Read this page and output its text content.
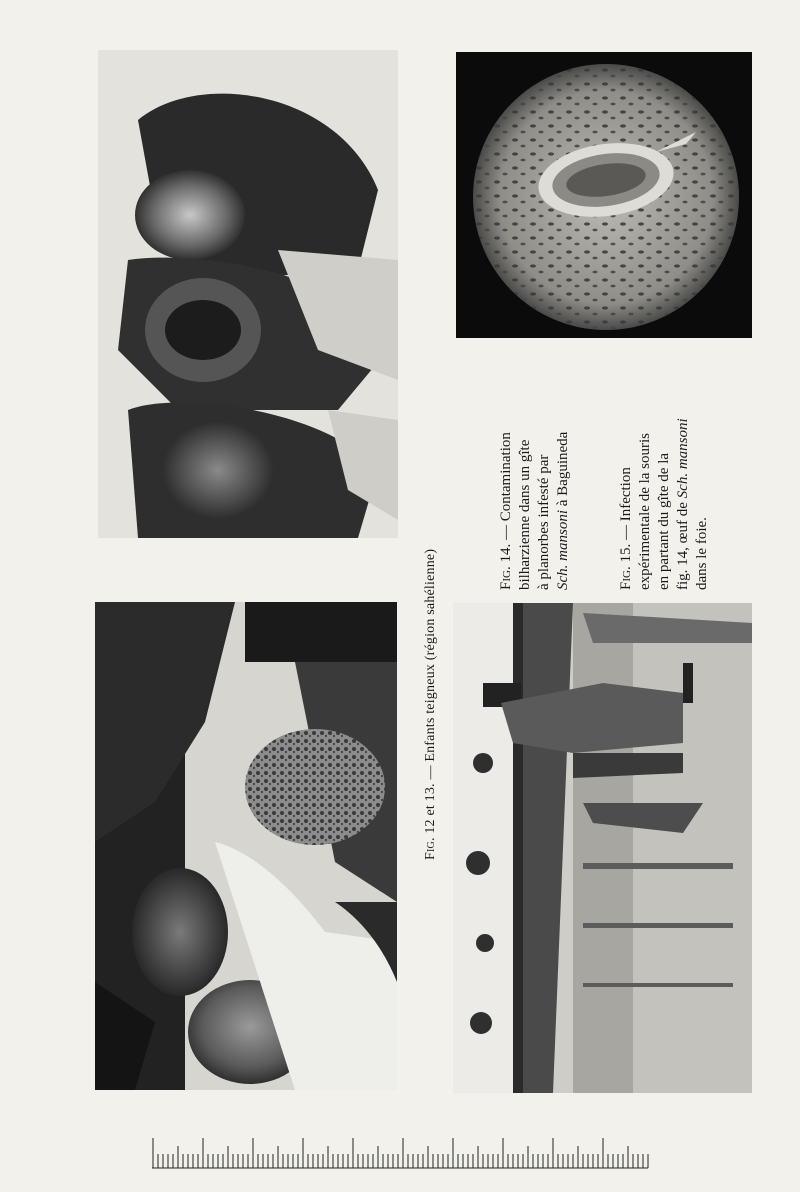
Fig. 12 et 13. — Enfants teigneux (région sahélienne)	Fig. 14. — Contamination bilharzienne dans un gîte à planorbes infesté par Sch. mansoni à Baguineda
Fig. 15. — Infection expérimentale de la souris en partant du gîte de la fig. 14, œuf de Sch. mansoni
dans le foie.
